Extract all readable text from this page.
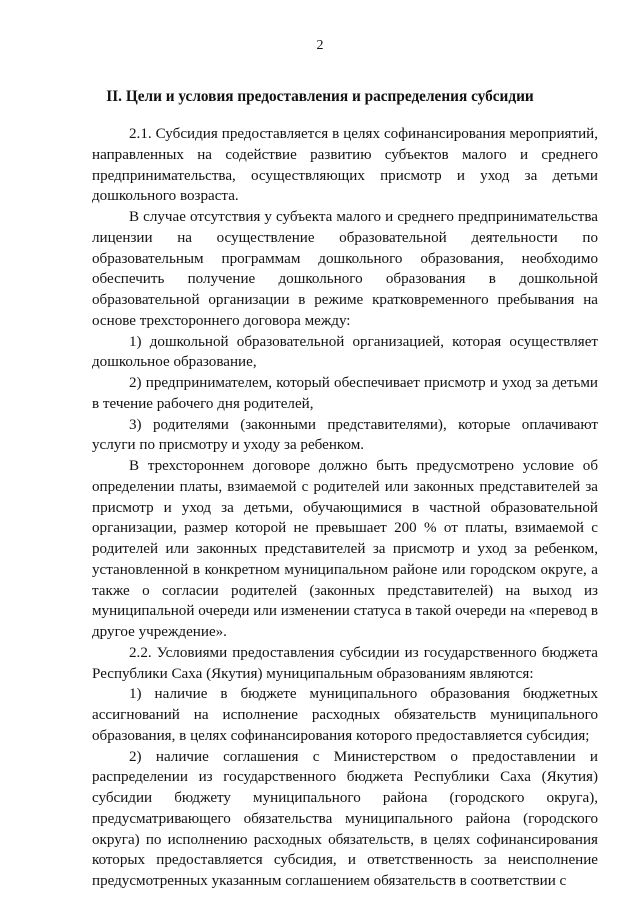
2
II. Цели и условия предоставления и распределения субсидии

2.1. Субсидия предоставляется в целях софинансирования мероприятий, направленных на содействие развитию субъектов малого и среднего предпринимательства, осуществляющих присмотр и уход за детьми дошкольного возраста.

В случае отсутствия у субъекта малого и среднего предпринимательства лицензии на осуществление образовательной деятельности по образовательным программам дошкольного образования, необходимо обеспечить получение дошкольного образования в дошкольной образовательной организации в режиме кратковременного пребывания на основе трехстороннего договора между:

1) дошкольной образовательной организацией, которая осуществляет дошкольное образование,

2) предпринимателем, который обеспечивает присмотр и уход за детьми в течение рабочего дня родителей,

3) родителями (законными представителями), которые оплачивают услуги по присмотру и уходу за ребенком.

В трехстороннем договоре должно быть предусмотрено условие об определении платы, взимаемой с родителей или законных представителей за присмотр и уход за детьми, обучающимися в частной образовательной организации, размер которой не превышает 200 % от платы, взимаемой с родителей или законных представителей за присмотр и уход за ребенком, установленной в конкретном муниципальном районе или городском округе, а также о согласии родителей (законных представителей) на выход из муниципальной очереди или изменении статуса в такой очереди на «перевод в другое учреждение».

2.2. Условиями предоставления субсидии из государственного бюджета Республики Саха (Якутия) муниципальным образованиям являются:

1) наличие в бюджете муниципального образования бюджетных ассигнований на исполнение расходных обязательств муниципального образования, в целях софинансирования которого предоставляется субсидия;

2) наличие соглашения с Министерством о предоставлении и распределении из государственного бюджета Республики Саха (Якутия) субсидии бюджету муниципального района (городского округа), предусматривающего обязательства муниципального района (городского округа) по исполнению расходных обязательств, в целях софинансирования которых предоставляется субсидия, и ответственность за неисполнение предусмотренных указанным соглашением обязательств в соответствии с
